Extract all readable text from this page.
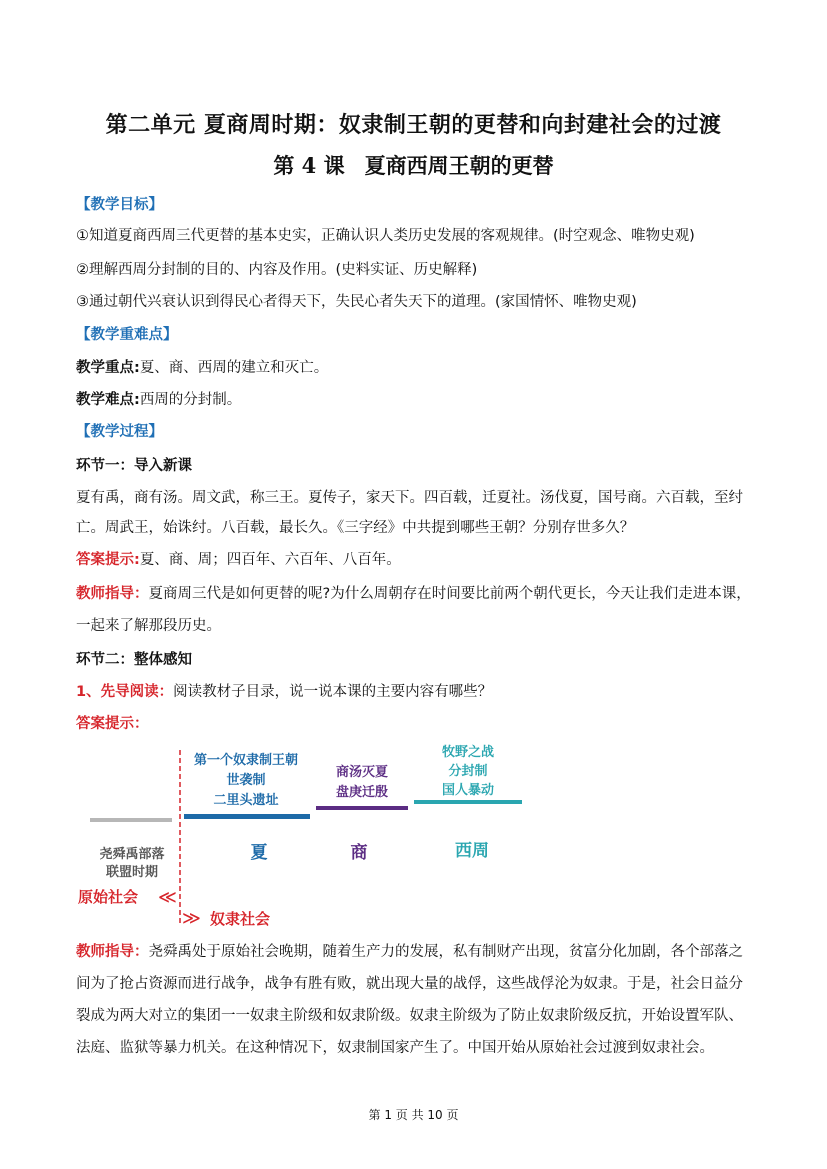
第二单元 夏商周时期：奴隶制王朝的更替和向封建社会的过渡
第 4 课 夏商西周王朝的更替
【教学目标】
①知道夏商西周三代更替的基本史实，正确认识人类历史发展的客观规律。(时空观念、唯物史观)
②理解西周分封制的目的、内容及作用。(史料实证、历史解释)
③通过朝代兴衰认识到得民心者得天下，失民心者失天下的道理。(家国情怀、唯物史观)
【教学重难点】
教学重点:夏、商、西周的建立和灭亡。
教学难点:西周的分封制。
【教学过程】
环节一：导入新课
夏有禹，商有汤。周文武，称三王。夏传子，家天下。四百载，迁夏社。汤伐夏，国号商。六百载，至纣
亡。周武王，始诛纣。八百载，最长久。《三字经》中共提到哪些王朝？分别存世多久？
答案提示:夏、商、周；四百年、六百年、八百年。
教师指导：夏商周三代是如何更替的呢?为什么周朝存在时间要比前两个朝代更长，今天让我们走进本课，
一起来了解那段历史。
环节二：整体感知
1、先导阅读：阅读教材子目录，说一说本课的主要内容有哪些？
答案提示：
第一个奴隶制王朝
世袭制
二里头遗址
商汤灭夏
盘庚迁殷
牧野之战
分封制
国人暴动
尧舜禹部落
联盟时期
夏	商	西周
原始社会 ≪
≫ 奴隶社会
教师指导：尧舜禹处于原始社会晚期，随着生产力的发展，私有制财产出现，贫富分化加剧，各个部落之
间为了抢占资源而进行战争，战争有胜有败，就出现大量的战俘，这些战俘沦为奴隶。于是，社会日益分
裂成为两大对立的集团一一奴隶主阶级和奴隶阶级。奴隶主阶级为了防止奴隶阶级反抗，开始设置军队、
法庭、监狱等暴力机关。在这种情况下，奴隶制国家产生了。中国开始从原始社会过渡到奴隶社会。
第 1 页 共 10 页
